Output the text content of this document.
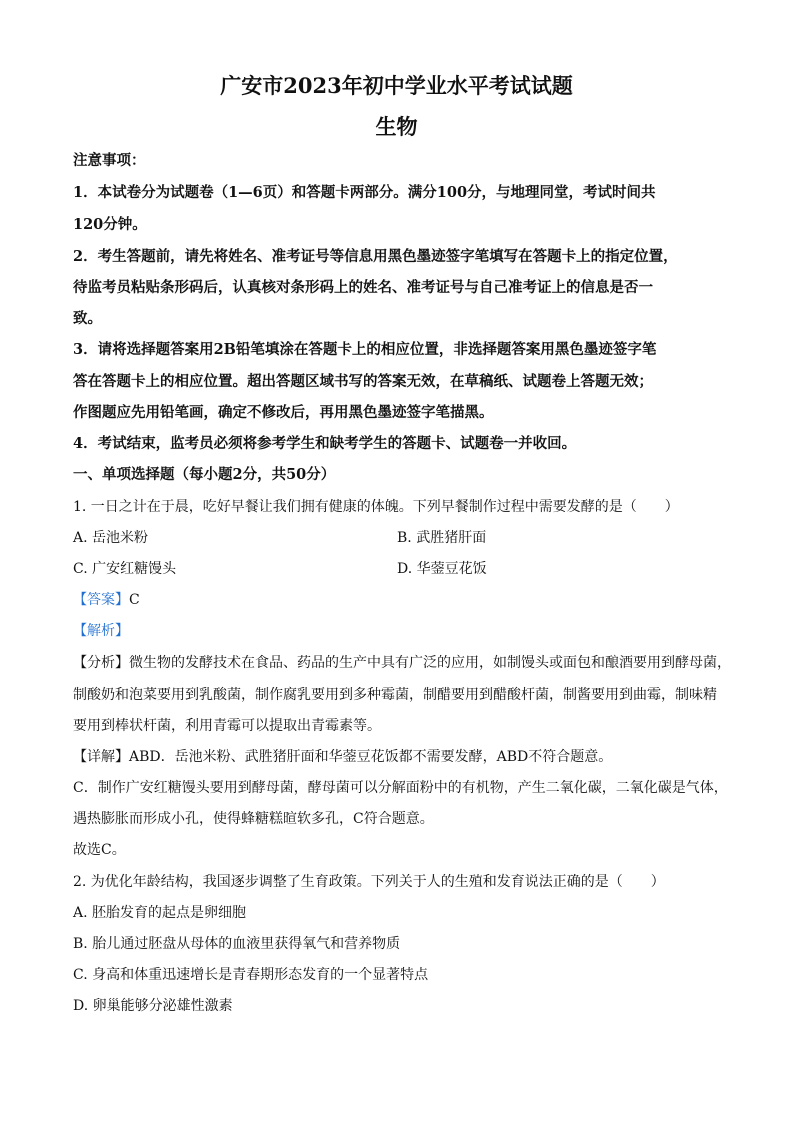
广安市2023年初中学业水平考试试题
生物
注意事项：
1．本试卷分为试题卷（1—6页）和答题卡两部分。满分100分，与地理同堂，考试时间共
120分钟。
2．考生答题前，请先将姓名、准考证号等信息用黑色墨迹签字笔填写在答题卡上的指定位置，
待监考员粘贴条形码后，认真核对条形码上的姓名、准考证号与自己准考证上的信息是否一
致。
3．请将选择题答案用2B铅笔填涂在答题卡上的相应位置，非选择题答案用黑色墨迹签字笔
答在答题卡上的相应位置。超出答题区域书写的答案无效，在草稿纸、试题卷上答题无效；
作图题应先用铅笔画，确定不修改后，再用黑色墨迹签字笔描黑。
4．考试结束，监考员必须将参考学生和缺考学生的答题卡、试题卷一并收回。
一、单项选择题（每小题2分，共50分）
1. 一日之计在于晨，吃好早餐让我们拥有健康的体魄。下列早餐制作过程中需要发酵的是（　　）
A. 岳池米粉	B. 武胜猪肝面
C. 广安红糖馒头	D. 华蓥豆花饭
【答案】C
【解析】
【分析】微生物的发酵技术在食品、药品的生产中具有广泛的应用，如制馒头或面包和酿酒要用到酵母菌，
制酸奶和泡菜要用到乳酸菌，制作腐乳要用到多种霉菌，制醋要用到醋酸杆菌，制酱要用到曲霉，制味精
要用到棒状杆菌，利用青霉可以提取出青霉素等。
【详解】ABD．岳池米粉、武胜猪肝面和华蓥豆花饭都不需要发酵，ABD不符合题意。
C．制作广安红糖馒头要用到酵母菌，酵母菌可以分解面粉中的有机物，产生二氧化碳，二氧化碳是气体，
遇热膨胀而形成小孔，使得蜂糖糕暄软多孔，C符合题意。
故选C。
2. 为优化年龄结构，我国逐步调整了生育政策。下列关于人的生殖和发育说法正确的是（　　）
A. 胚胎发育的起点是卵细胞
B. 胎儿通过胚盘从母体的血液里获得氧气和营养物质
C. 身高和体重迅速增长是青春期形态发育的一个显著特点
D. 卵巢能够分泌雄性激素
